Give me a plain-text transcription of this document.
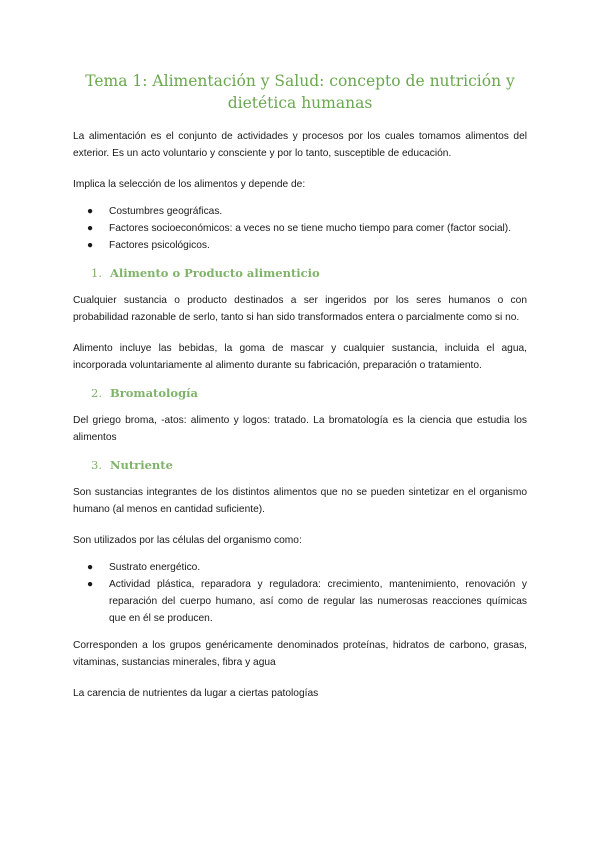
Tema 1: Alimentación y Salud: concepto de nutrición y dietética humanas

La alimentación es el conjunto de actividades y procesos por los cuales tomamos alimentos del exterior. Es un acto voluntario y consciente y por lo tanto, susceptible de educación.

Implica la selección de los alimentos y depende de:

●	Costumbres geográficas.
●	Factores socioeconómicos: a veces no se tiene mucho tiempo para comer (factor social).
●	Factores psicológicos.
1. Alimento o Producto alimenticio

Cualquier sustancia o producto destinados a ser ingeridos por los seres humanos o con probabilidad razonable de serlo, tanto si han sido transformados entera o parcialmente como si no.

Alimento incluye las bebidas, la goma de mascar y cualquier sustancia, incluida el agua, incorporada voluntariamente al alimento durante su fabricación, preparación o tratamiento.

2. Bromatología

Del griego broma, -atos: alimento y logos: tratado. La bromatología es la ciencia que estudia los alimentos

3. Nutriente

Son sustancias integrantes de los distintos alimentos que no se pueden sintetizar en el organismo humano (al menos en cantidad suficiente).

Son utilizados por las células del organismo como:

●	Sustrato energético.
●	Actividad plástica, reparadora y reguladora: crecimiento, mantenimiento, renovación y reparación del cuerpo humano, así como de regular las numerosas reacciones químicas que en él se producen.

Corresponden a los grupos genéricamente denominados proteínas, hidratos de carbono, grasas, vitaminas, sustancias minerales, fibra y agua

La carencia de nutrientes da lugar a ciertas patologías
